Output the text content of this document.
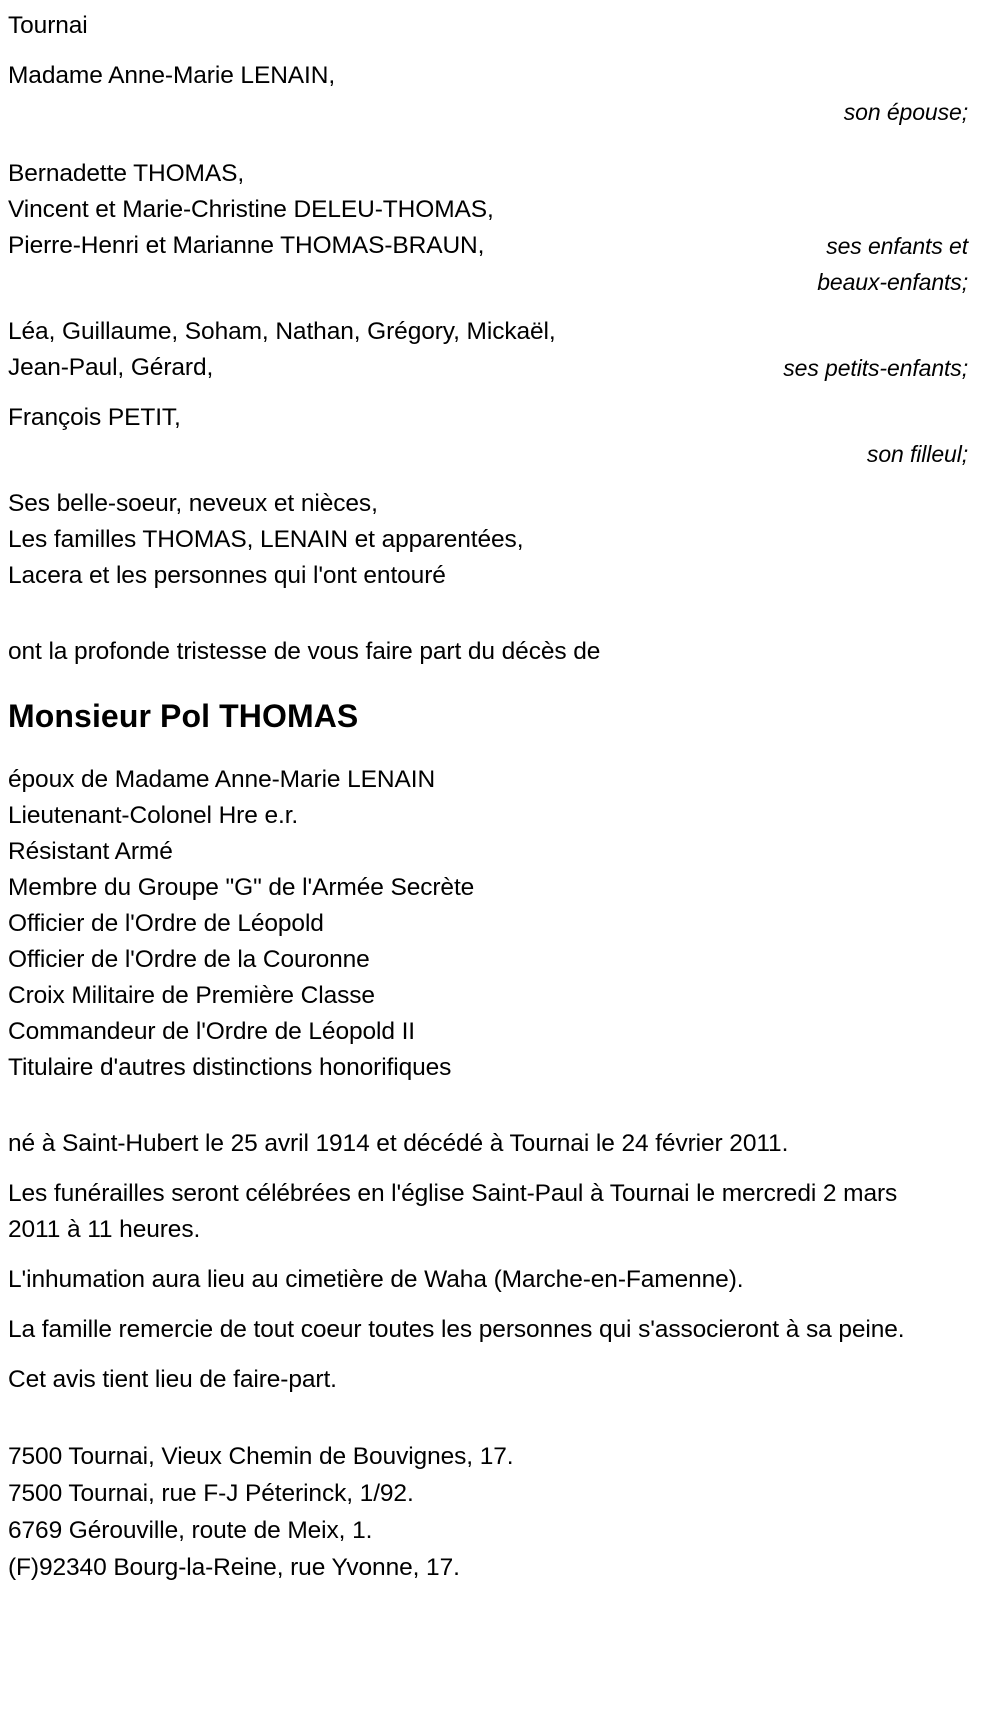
Tournai
Madame Anne-Marie LENAIN,
son épouse;
Bernadette THOMAS,
Vincent et Marie-Christine DELEU-THOMAS,
Pierre-Henri et Marianne THOMAS-BRAUN,	ses enfants et
beaux-enfants;
Léa, Guillaume, Soham, Nathan, Grégory, Mickaël,
Jean-Paul, Gérard,	ses petits-enfants;
François PETIT,
son filleul;
Ses belle-soeur, neveux et nièces,
Les familles THOMAS, LENAIN et apparentées,
Lacera et les personnes qui l'ont entouré
ont la profonde tristesse de vous faire part du décès de
Monsieur Pol THOMAS
époux de Madame Anne-Marie LENAIN
Lieutenant-Colonel Hre e.r.
Résistant Armé
Membre du Groupe "G" de l'Armée Secrète
Officier de l'Ordre de Léopold
Officier de l'Ordre de la Couronne
Croix Militaire de Première Classe
Commandeur de l'Ordre de Léopold II
Titulaire d'autres distinctions honorifiques
né à Saint-Hubert le 25 avril 1914 et décédé à Tournai le 24 février 2011.
Les funérailles seront célébrées en l'église Saint-Paul à Tournai le mercredi 2 mars 2011 à 11 heures.
L'inhumation aura lieu au cimetière de Waha (Marche-en-Famenne).
La famille remercie de tout coeur toutes les personnes qui s'associeront à sa peine.
Cet avis tient lieu de faire-part.
7500 Tournai, Vieux Chemin de Bouvignes, 17.
7500 Tournai, rue F-J Péterinck, 1/92.
6769 Gérouville, route de Meix, 1.
(F)92340 Bourg-la-Reine, rue Yvonne, 17.
